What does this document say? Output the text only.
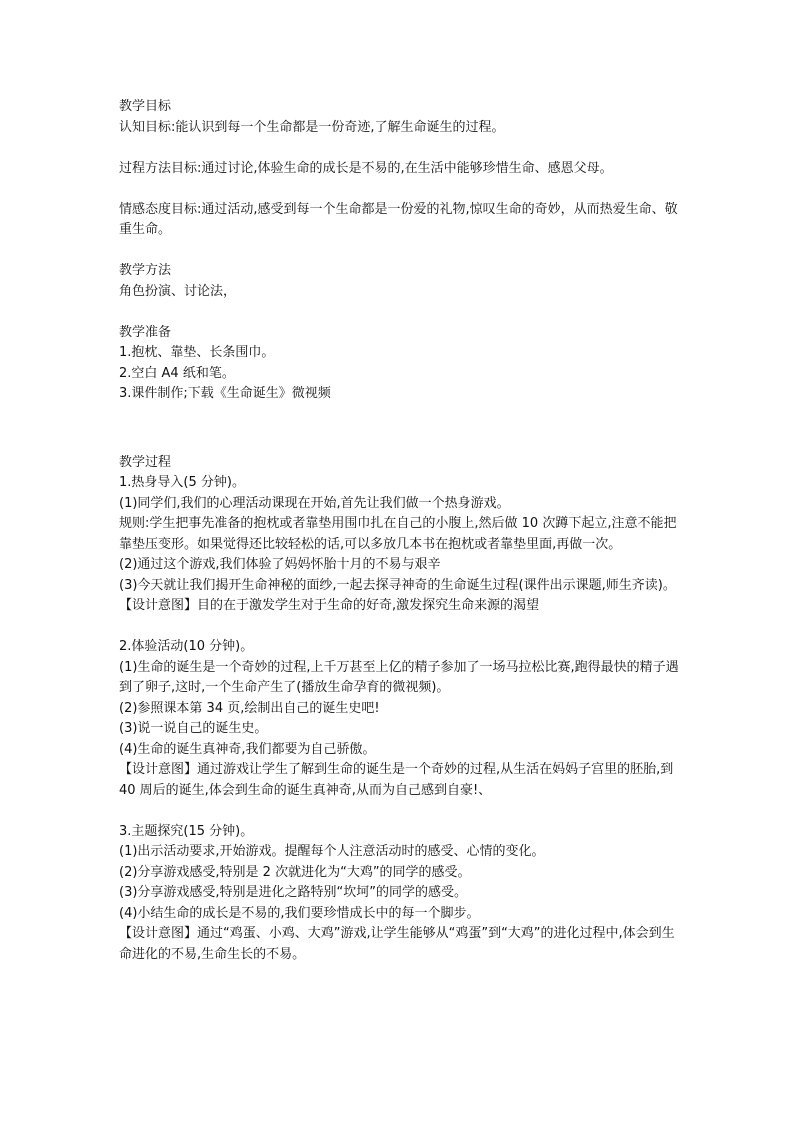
教学目标
认知目标:能认识到每一个生命都是一份奇迹,了解生命诞生的过程。
过程方法目标:通过讨论,体验生命的成长是不易的,在生活中能够珍惜生命、感恩父母。
情感态度目标:通过活动,感受到每一个生命都是一份爱的礼物,惊叹生命的奇妙，从而热爱生命、敬重生命。
教学方法
角色扮演、讨论法，
教学准备
1.抱枕、靠垫、长条围巾。
2.空白 A4 纸和笔。
3.课件制作;下载《生命诞生》微视频
教学过程
1.热身导入(5 分钟)。
(1)同学们,我们的心理活动课现在开始,首先让我们做一个热身游戏。
规则:学生把事先准备的抱枕或者靠垫用围巾扎在自己的小腹上,然后做 10 次蹲下起立,注意不能把靠垫压变形。如果觉得还比较轻松的话,可以多放几本书在抱枕或者靠垫里面,再做一次。
(2)通过这个游戏,我们体验了妈妈怀胎十月的不易与艰辛
(3)今天就让我们揭开生命神秘的面纱,一起去探寻神奇的生命诞生过程(课件出示课题,师生齐读)。
【设计意图】目的在于激发学生对于生命的好奇,激发探究生命来源的渴望
2.体验活动(10 分钟)。
(1)生命的诞生是一个奇妙的过程,上千万甚至上亿的精子参加了一场马拉松比赛,跑得最快的精子遇到了卵子,这时,一个生命产生了(播放生命孕育的微视频)。
(2)参照课本第 34 页,绘制出自己的诞生史吧!
(3)说一说自己的诞生史。
(4)生命的诞生真神奇,我们都要为自己骄傲。
【设计意图】通过游戏让学生了解到生命的诞生是一个奇妙的过程,从生活在妈妈子宫里的胚胎,到 40 周后的诞生,体会到生命的诞生真神奇,从而为自己感到自豪!、
3.主题探究(15 分钟)。
(1)出示活动要求,开始游戏。提醒每个人注意活动时的感受、心情的变化。
(2)分享游戏感受,特别是 2 次就进化为“大鸡”的同学的感受。
(3)分享游戏感受,特别是进化之路特别“坎坷”的同学的感受。
(4)小结生命的成长是不易的,我们要珍惜成长中的每一个脚步。
【设计意图】通过“鸡蛋、小鸡、大鸡”游戏,让学生能够从“鸡蛋”到“大鸡”的进化过程中,体会到生命进化的不易,生命生长的不易。
